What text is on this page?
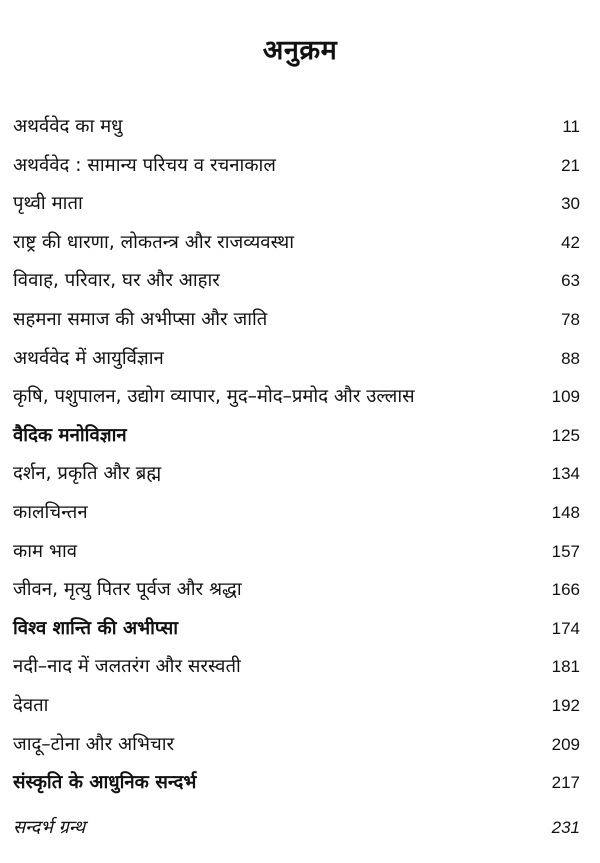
अनुक्रम
अथर्ववेद का मधु	11
अथर्ववेद : सामान्य परिचय व रचनाकाल	21
पृथ्वी माता	30
राष्ट्र की धारणा, लोकतन्त्र और राजव्यवस्था	42
विवाह, परिवार, घर और आहार	63
सहमना समाज की अभीप्सा और जाति	78
अथर्ववेद में आयुर्विज्ञान	88
कृषि, पशुपालन, उद्योग व्यापार, मुद–मोद–प्रमोद और उल्लास	109
वैदिक मनोविज्ञान	125
दर्शन, प्रकृति और ब्रह्म	134
कालचिन्तन	148
काम भाव	157
जीवन, मृत्यु पितर पूर्वज और श्रद्धा	166
विश्व शान्ति की अभीप्सा	174
नदी–नाद में जलतरंग और सरस्वती	181
देवता	192
जादू–टोना और अभिचार	209
संस्कृति के आधुनिक सन्दर्भ	217
सन्दर्भ ग्रन्थ	231
